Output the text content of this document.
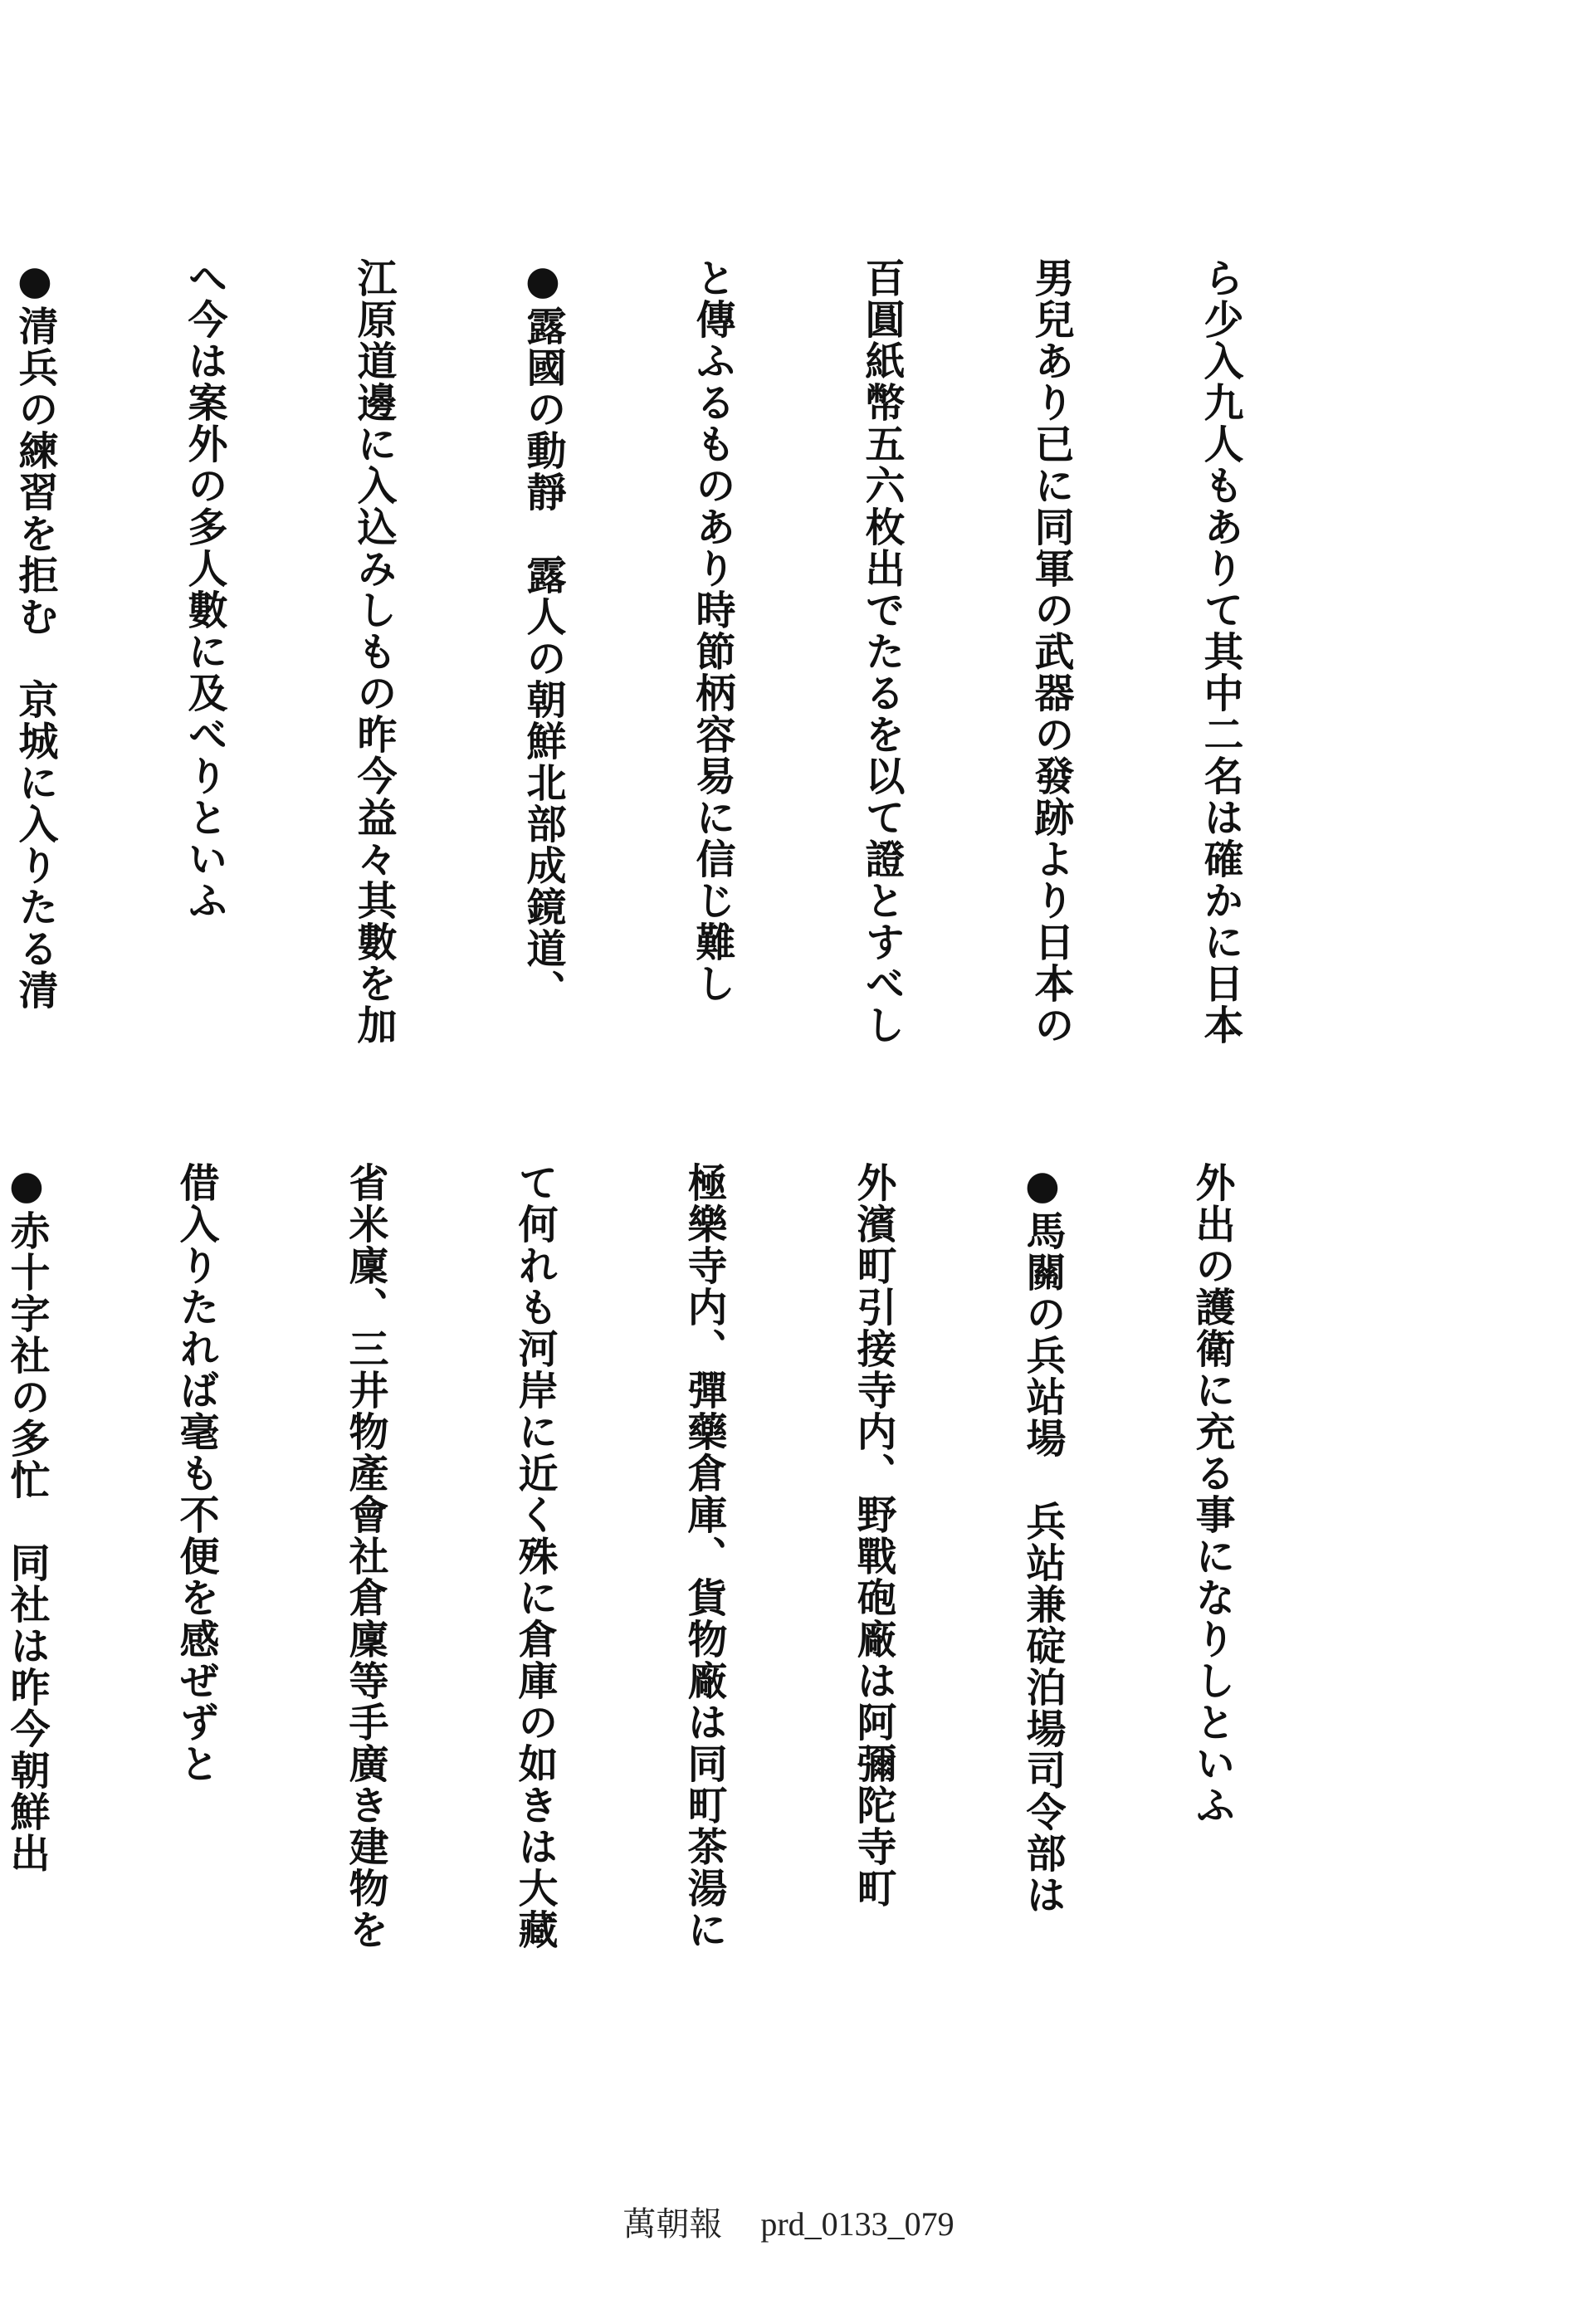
ら少入九人もありて其中二名は確かに日本

男兒あり已に同軍の武器の發跡より日本の

百圓紙幣五六枚出でたるを以て證とすべし

と傳ふるものあり時節柄容易に信じ難し

●露國の動靜　露人の朝鮮北部成鏡道、

江原道邊に入込みしもの昨今益々其數を加

へ今は案外の多人數に及べりといふ

●清兵の練習を拒む　京城に入りたる清

外出の護衛に充る事になりしといふ

●馬關の兵站場　兵站兼碇泊場司令部は

外濱町引接寺内、野戰砲廠は阿彌陀寺町

極樂寺内、彈藥倉庫、貨物廠は同町茶湯に

て何れも河岸に近く殊に倉庫の如きは大藏

省米廩、三井物產會社倉廩等手廣き建物を

借入りたれば毫も不便を感ぜずと

●赤十字社の多忙　同社は昨今朝鮮出

萬朝報 prd_0133_079
